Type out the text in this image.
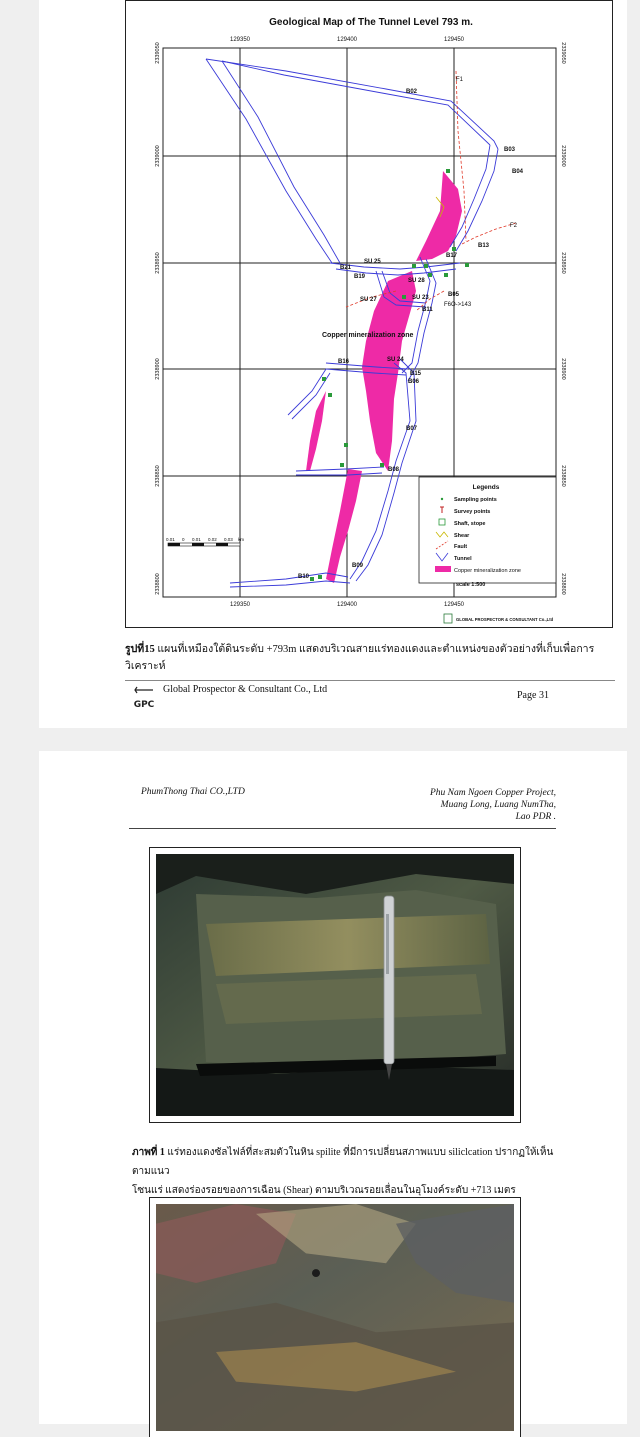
Geological Map of The Tunnel Level 793 m.
129350	129400	129450
129350	129400	129450
2339050
2339000
2338950
2338900
2338850
2338800
2339050
2339000
2338950
2338900
2338850
2338800
B02
B03
B04
B13
B17
B21
B19
B05
B11
B16
B15
B06
B07
B08
B09
B10
SU 25
SU 28
SU 27	SU 23
SU 24
F1
F2
F6O->143
Copper mineralization zone
0.01 0 0.01 0.02 0.03 km
Legends
Sampling points
Survey points
Shaft, stope
Shear
Fault
Tunnel
Copper mineralization zone
scale 1:500
GLOBAL PROSPECTOR & CONSULTANT Co.,Ltd
รูปที่15 แผนที่เหมืองใต้ดินระดับ +793m แสดงบริเวณสายแร่ทองแดงและตำแหน่งของตัวอย่างที่เก็บเพื่อการวิเคราะห์
GPC
Global Prospector & Consultant Co., Ltd
Page 31
PhumThong Thai CO.,LTD	Phu Nam Ngoen Copper Project,
Muang Long, Luang NumTha,
Lao PDR .
ภาพที่ 1 แร่ทองแดงซัลไฟล์ที่สะสมตัวในหิน spilite ที่มีการเปลี่ยนสภาพแบบ siliclcation ปรากฏให้เห็นตามแนว
โซนแร่ แสดงร่องรอยของการเฉือน (Shear) ตามบริเวณรอยเลื่อนในอุโมงค์ระดับ +713 เมตร
